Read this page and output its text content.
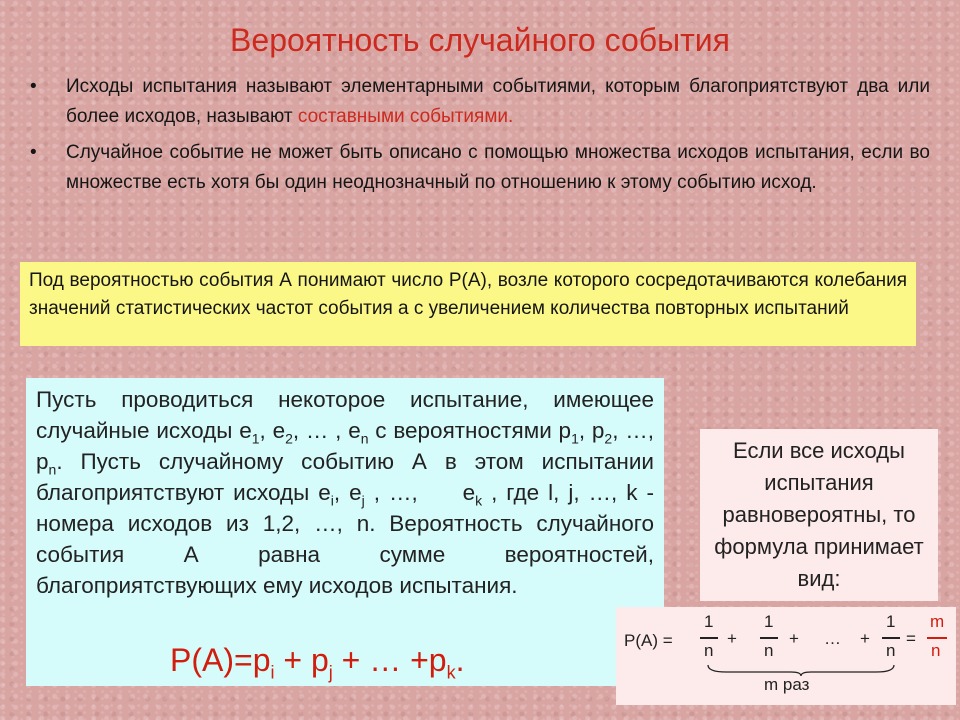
Вероятность случайного события
•	Исходы испытания называют элементарными событиями, которым благоприятствуют два или более исходов, называют составными событиями.
•	Случайное событие не может быть описано с помощью множества исходов испытания, если во множестве есть хотя бы один неоднозначный по отношению к этому событию исход.
Под вероятностью события А понимают число Р(А), возле которого сосредотачиваются колебания значений статистических частот события а с увеличением количества повторных испытаний
Пусть проводиться некоторое испытание, имеющее случайные исходы $е_1$, $е_2$, … , $е_n$ с вероятностями $р_1$, $р_2$, …, $р_n$. Пусть случайному событию А в этом испытании благоприятствуют исходы $е_i$, $е_j$ , …,     $е_k$ , где l, j, …, k - номера исходов из 1,2, …, n. Вероятность случайного события А равна сумме вероятностей, благоприятствующих ему исходов испытания.
$Р(А)=р_i + р_j$ + … $+р_k$.
Если все исходы испытания равновероятны, то формула принимает вид:
Р(А) =
1
n
+
1
n
+ … +
1
n
=
m
n
m раз
